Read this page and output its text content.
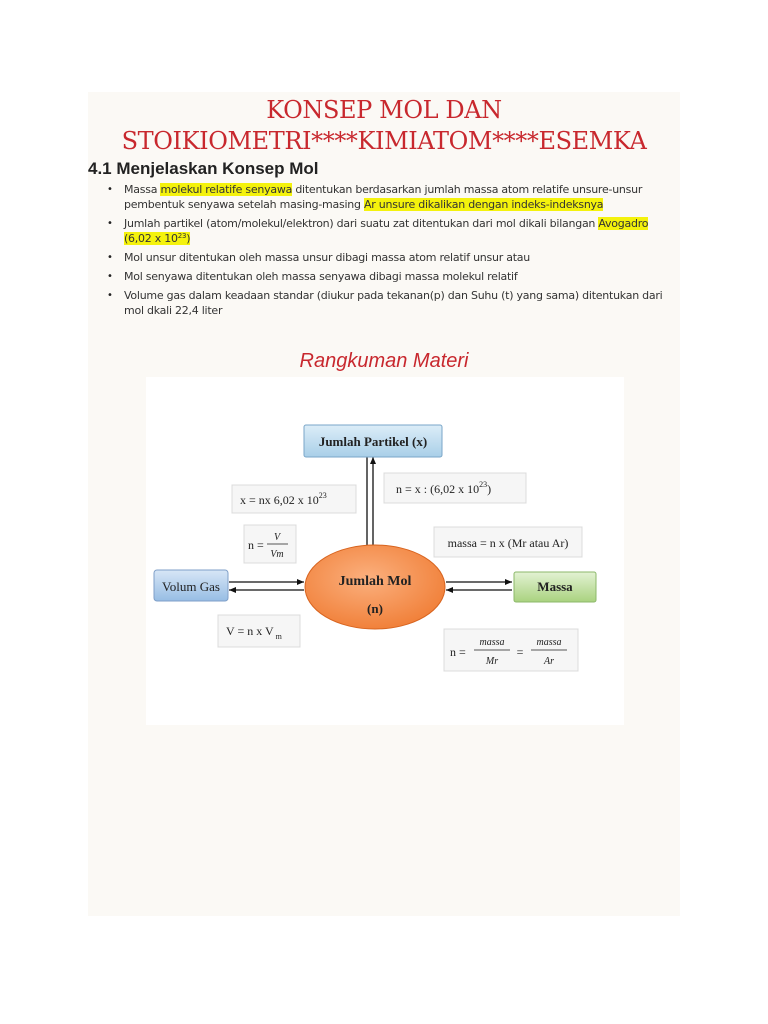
KONSEP MOL DAN
STOIKIOMETRI****KIMIATOM****ESEMKA
4.1 Menjelaskan Konsep Mol
• Massa molekul relatife senyawa ditentukan berdasarkan jumlah massa atom relatife unsure-unsur pembentuk senyawa setelah masing-masing Ar unsure dikalikan dengan indeks-indeksnya
• Jumlah partikel (atom/molekul/elektron) dari suatu zat ditentukan dari mol dikali bilangan Avogadro (6,02 x $10^{23}$)
• Mol unsur ditentukan oleh massa unsur dibagi massa atom relatif unsur atau
• Mol senyawa ditentukan oleh massa senyawa dibagi massa molekul relatif
• Volume gas dalam keadaan standar (diukur pada tekanan(p) dan Suhu (t) yang sama) ditentukan dari mol dkali 22,4 liter
Rangkuman Materi
Jumlah Partikel (x)
Volum Gas	Massa
Jumlah Mol
(n)
x = nx 6,02 x $10^{23}$	n = x : (6,02 x $10^{23}$)
n =
V
Vm
V = n x V $_m$
massa = n x (Mr atau Ar)
n =
massa
Mr
=
massa
Ar
